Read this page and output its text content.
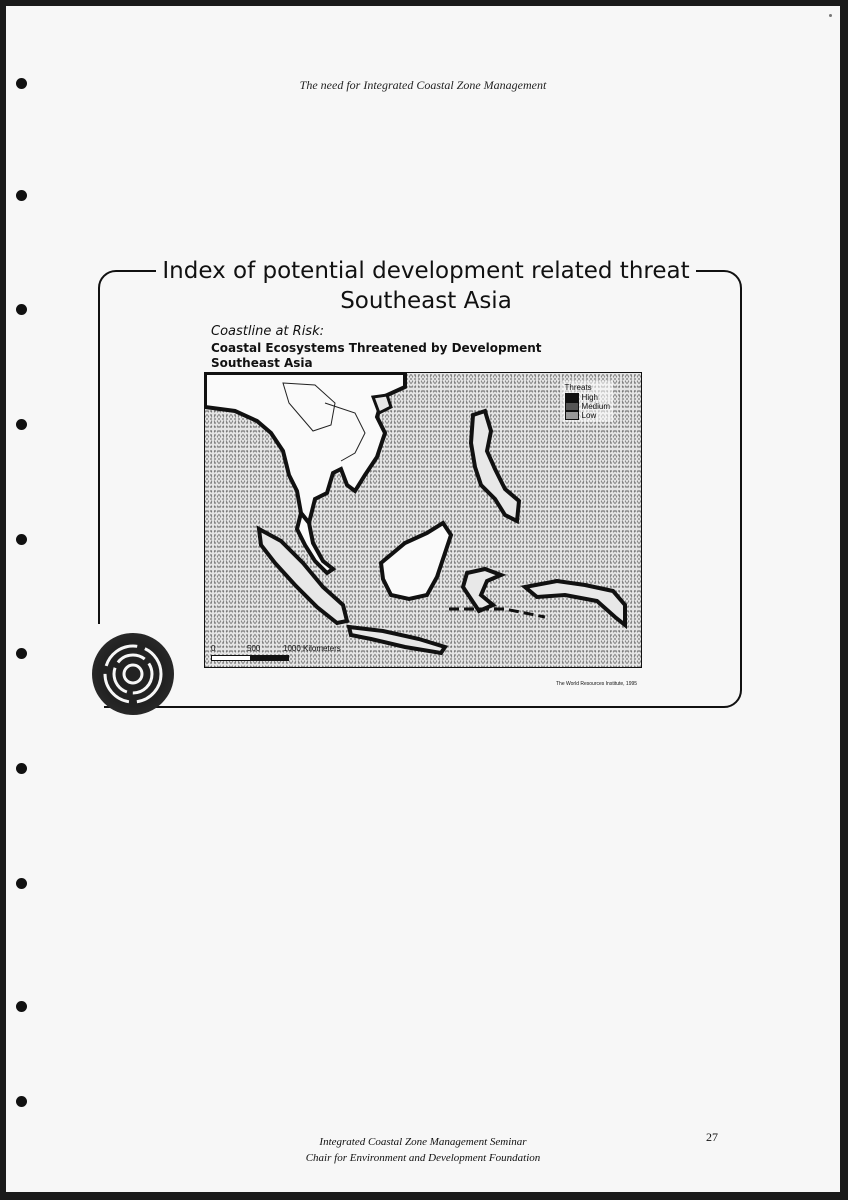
The need for Integrated Coastal Zone Management
Index of potential development related threat
Southeast Asia
Coastline at Risk:
Coastal Ecosystems Threatened by Development
Southeast Asia
Threats
High
Medium
Low
0	500	1000 Kilometers
The World Resources Institute, 1995
27
Integrated Coastal Zone Management Seminar
Chair for Environment and Development Foundation
